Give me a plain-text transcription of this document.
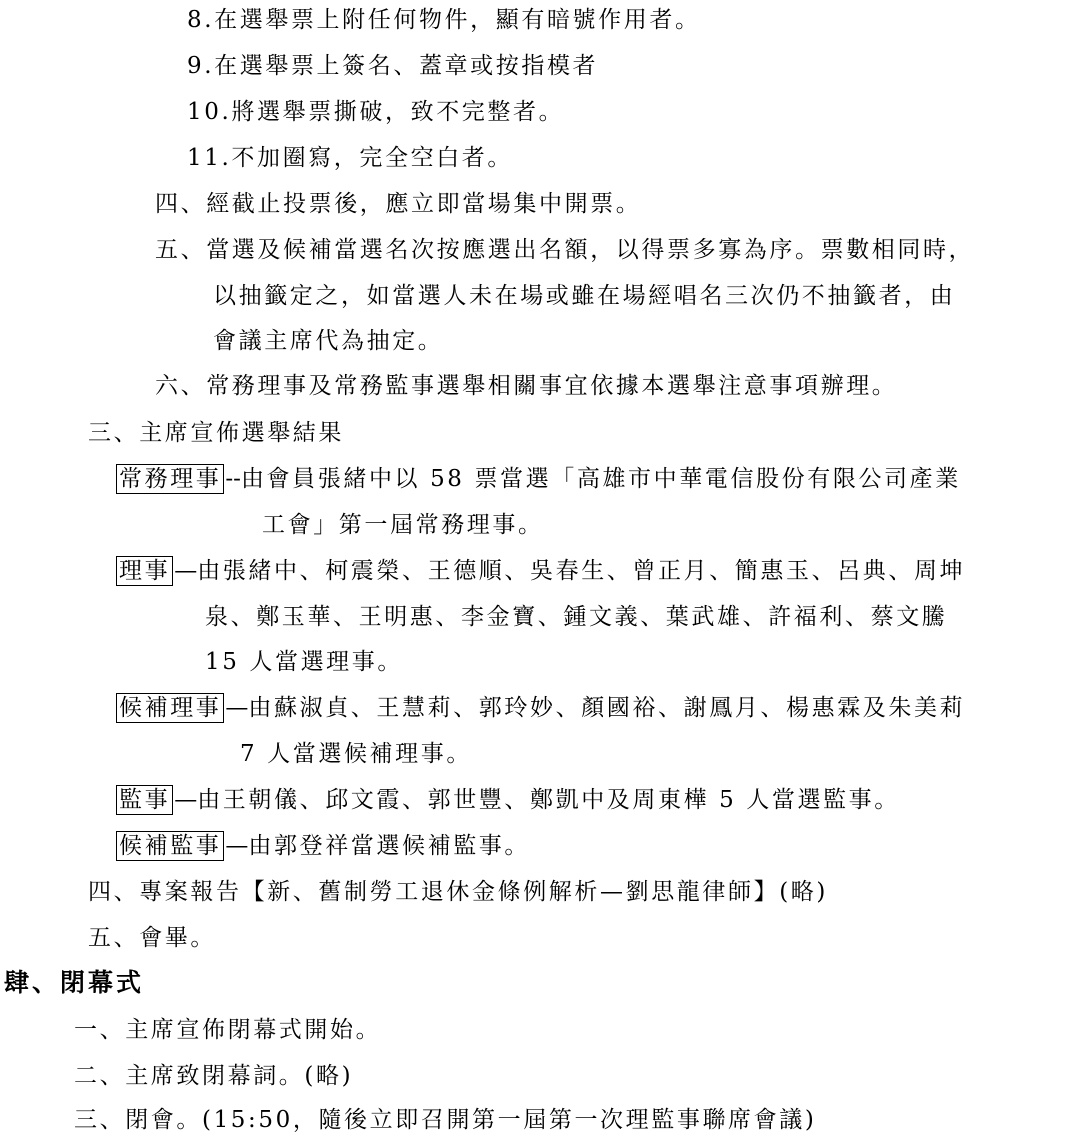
8.在選舉票上附任何物件，顯有暗號作用者。
9.在選舉票上簽名、蓋章或按指模者
10.將選舉票撕破，致不完整者。
11.不加圈寫，完全空白者。
四、經截止投票後，應立即當場集中開票。
五、當選及候補當選名次按應選出名額，以得票多寡為序。票數相同時，
以抽籤定之，如當選人未在場或雖在場經唱名三次仍不抽籤者，由
會議主席代為抽定。
六、常務理事及常務監事選舉相關事宜依據本選舉注意事項辦理。
三、主席宣佈選舉結果
常務理事 --由會員張緒中以 58 票當選「高雄市中華電信股份有限公司產業
工會」第一屆常務理事。
理事 —由張緒中、柯震榮、王德順、吳春生、曾正月、簡惠玉、呂典、周坤
泉、鄭玉華、王明惠、李金寶、鍾文義、葉武雄、許福利、蔡文騰
15 人當選理事。
候補理事 —由蘇淑貞、王慧莉、郭玲妙、顏國裕、謝鳳月、楊惠霖及朱美莉
7 人當選候補理事。
監事 —由王朝儀、邱文霞、郭世豐、鄭凱中及周東樺 5 人當選監事。
候補監事 —由郭登祥當選候補監事。
四、專案報告【新、舊制勞工退休金條例解析—劉思龍律師】(略)
五、會畢。
肆、閉幕式
一、主席宣佈閉幕式開始。
二、主席致閉幕詞。(略)
三、閉會。(15:50，隨後立即召開第一屆第一次理監事聯席會議)
